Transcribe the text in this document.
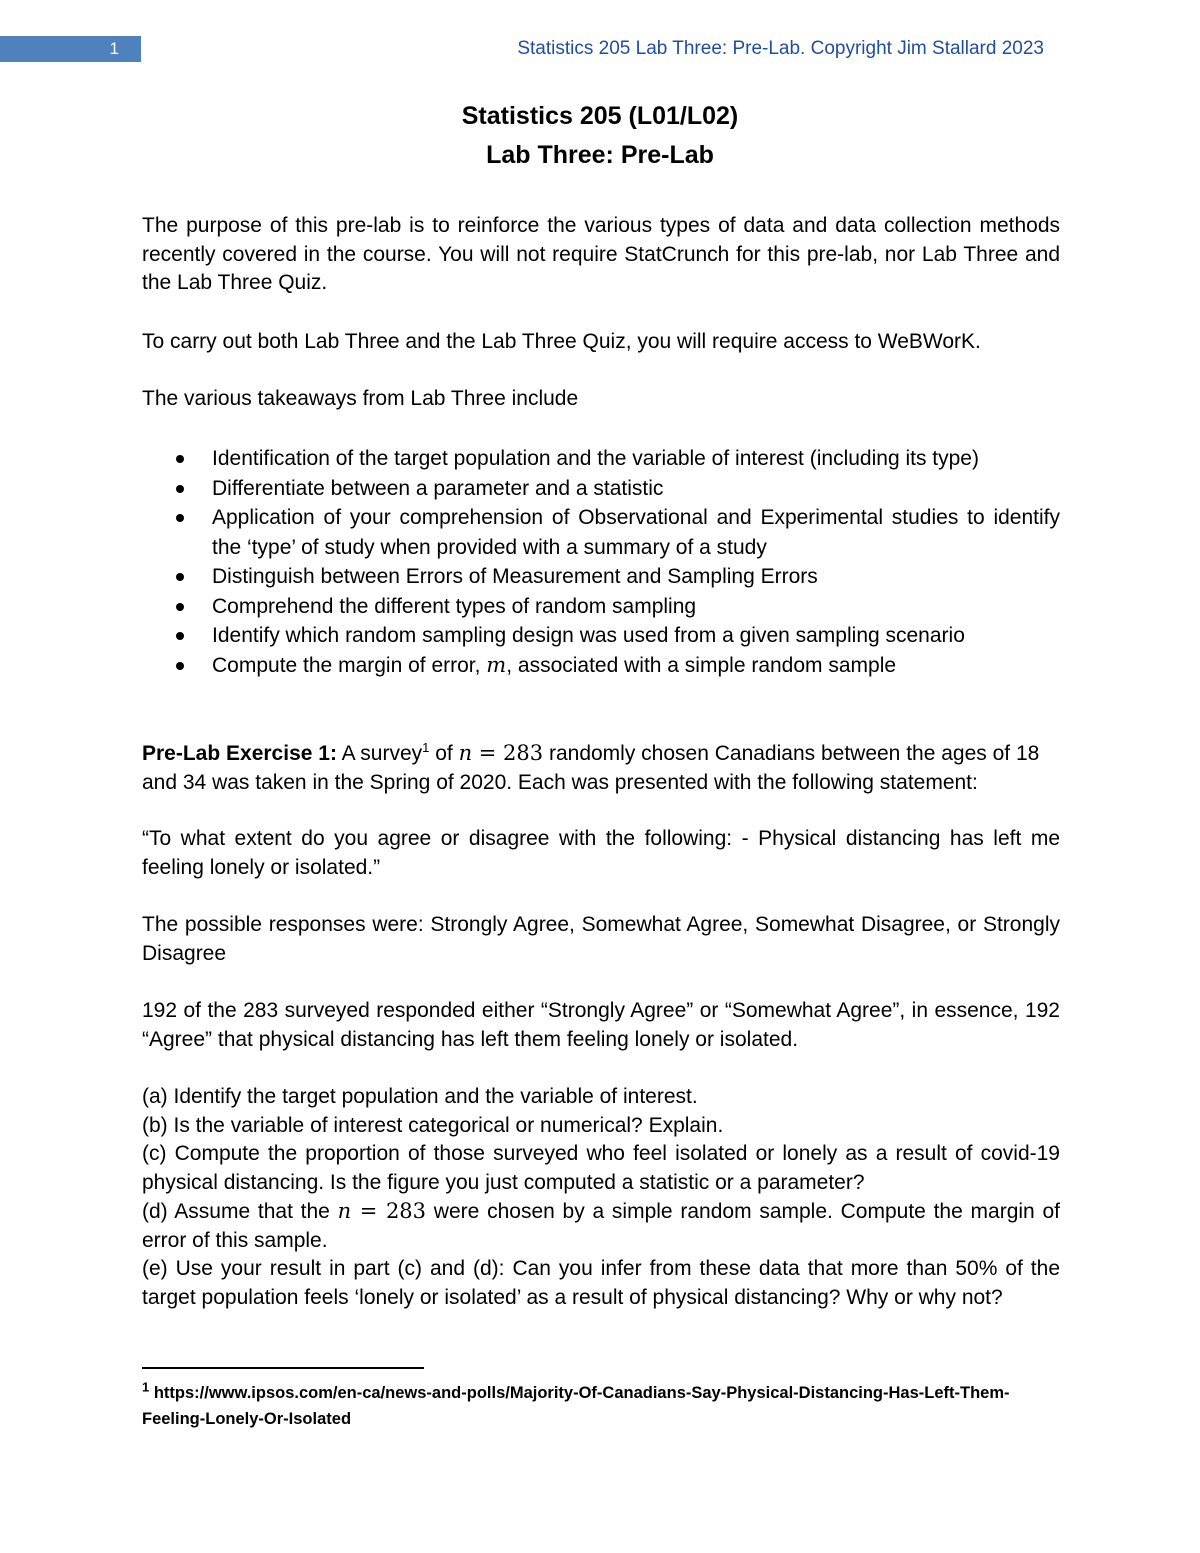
1	Statistics 205 Lab Three: Pre-Lab. Copyright Jim Stallard 2023
Statistics 205 (L01/L02)
Lab Three: Pre-Lab
The purpose of this pre-lab is to reinforce the various types of data and data collection methods recently covered in the course. You will not require StatCrunch for this pre-lab, nor Lab Three and the Lab Three Quiz.
To carry out both Lab Three and the Lab Three Quiz, you will require access to WeBWorK.
The various takeaways from Lab Three include
Identification of the target population and the variable of interest (including its type)
Differentiate between a parameter and a statistic
Application of your comprehension of Observational and Experimental studies to identify the ‘type’ of study when provided with a summary of a study
Distinguish between Errors of Measurement and Sampling Errors
Comprehend the different types of random sampling
Identify which random sampling design was used from a given sampling scenario
Compute the margin of error, m, associated with a simple random sample
Pre-Lab Exercise 1: A survey$^1$ of n = 283 randomly chosen Canadians between the ages of 18 and 34 was taken in the Spring of 2020. Each was presented with the following statement:
“To what extent do you agree or disagree with the following: - Physical distancing has left me feeling lonely or isolated.”
The possible responses were: Strongly Agree, Somewhat Agree, Somewhat Disagree, or Strongly Disagree
192 of the 283 surveyed responded either “Strongly Agree” or “Somewhat Agree”, in essence, 192 “Agree” that physical distancing has left them feeling lonely or isolated.
(a) Identify the target population and the variable of interest.
(b) Is the variable of interest categorical or numerical? Explain.
(c) Compute the proportion of those surveyed who feel isolated or lonely as a result of covid-19 physical distancing. Is the figure you just computed a statistic or a parameter?
(d) Assume that the n = 283 were chosen by a simple random sample. Compute the margin of error of this sample.
(e) Use your result in part (c) and (d): Can you infer from these data that more than 50% of the target population feels ‘lonely or isolated’ as a result of physical distancing? Why or why not?
$^1$ https://www.ipsos.com/en-ca/news-and-polls/Majority-Of-Canadians-Say-Physical-Distancing-Has-Left-Them-Feeling-Lonely-Or-Isolated
